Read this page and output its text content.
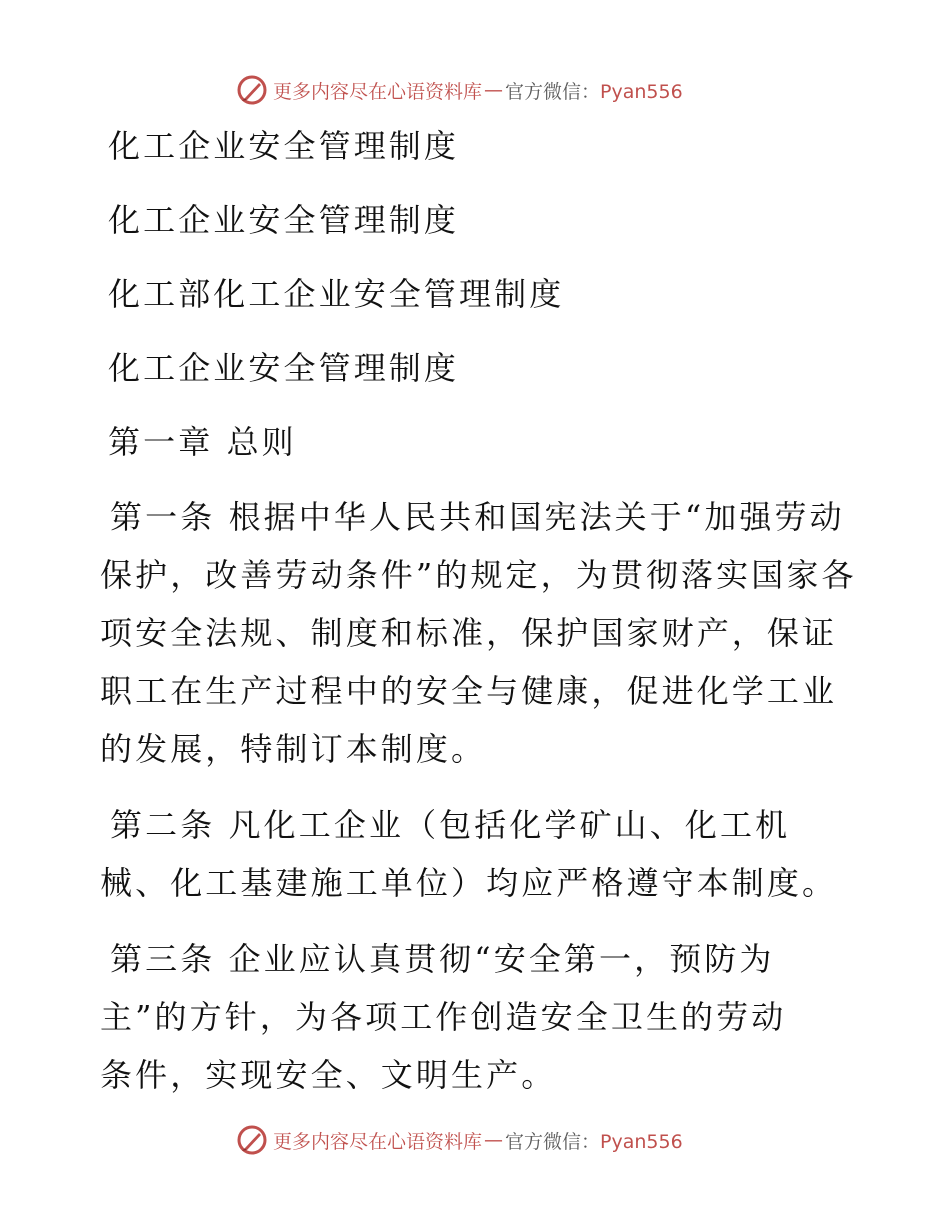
更多内容尽在心语资料库 — 官方微信：Pyan556
化工企业安全管理制度
化工企业安全管理制度
化工部化工企业安全管理制度
化工企业安全管理制度
第一章 总则
第一条 根据中华人民共和国宪法关于“加强劳动保护，改善劳动条件”的规定，为贯彻落实国家各项安全法规、制度和标准，保护国家财产，保证职工在生产过程中的安全与健康，促进化学工业的发展，特制订本制度。
第二条 凡化工企业（包括化学矿山、化工机械、化工基建施工单位）均应严格遵守本制度。
第三条 企业应认真贯彻“安全第一，预防为主”的方针，为各项工作创造安全卫生的劳动条件，实现安全、文明生产。
更多内容尽在心语资料库 — 官方微信：Pyan556
